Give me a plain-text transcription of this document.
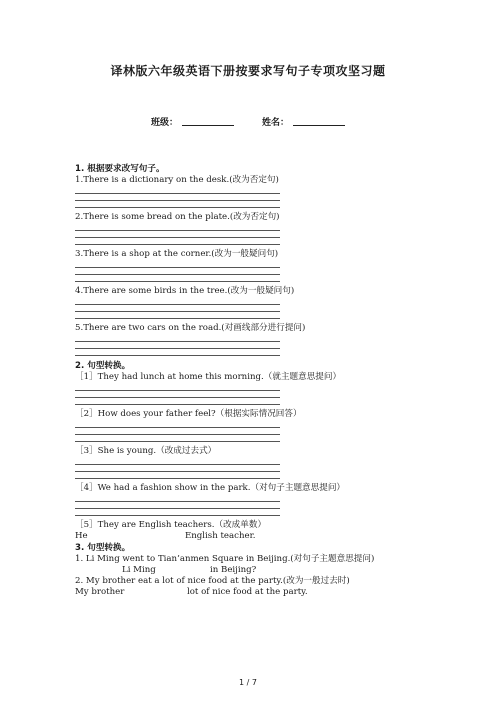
译林版六年级英语下册按要求写句子专项攻坚习题
班级：	姓名：
1. 根据要求改写句子。
1.There is a dictionary on the desk.(改为否定句)
2.There is some bread on the plate.(改为否定句)
3.There is a shop at the corner.(改为一般疑问句)
4.There are some birds in the tree.(改为一般疑问句)
5.There are two cars on the road.(对画线部分进行提问)
2. 句型转换。
［1］They had lunch at home this morning.（就主题意思提问）
［2］How does your father feel?（根据实际情况回答）
［3］She is young.（改成过去式）
［4］We had a fashion show in the park.（对句子主题意思提问）
［5］They are English teachers.（改成单数）
He	English teacher.
3. 句型转换。
1. Li Ming went to Tian’anmen Square in Beijing.(对句子主题意思提问)
Li Ming	in Beijing?
2. My brother eat a lot of nice food at the party.(改为一般过去时)
My brother	lot of nice food at the party.
1 / 7
